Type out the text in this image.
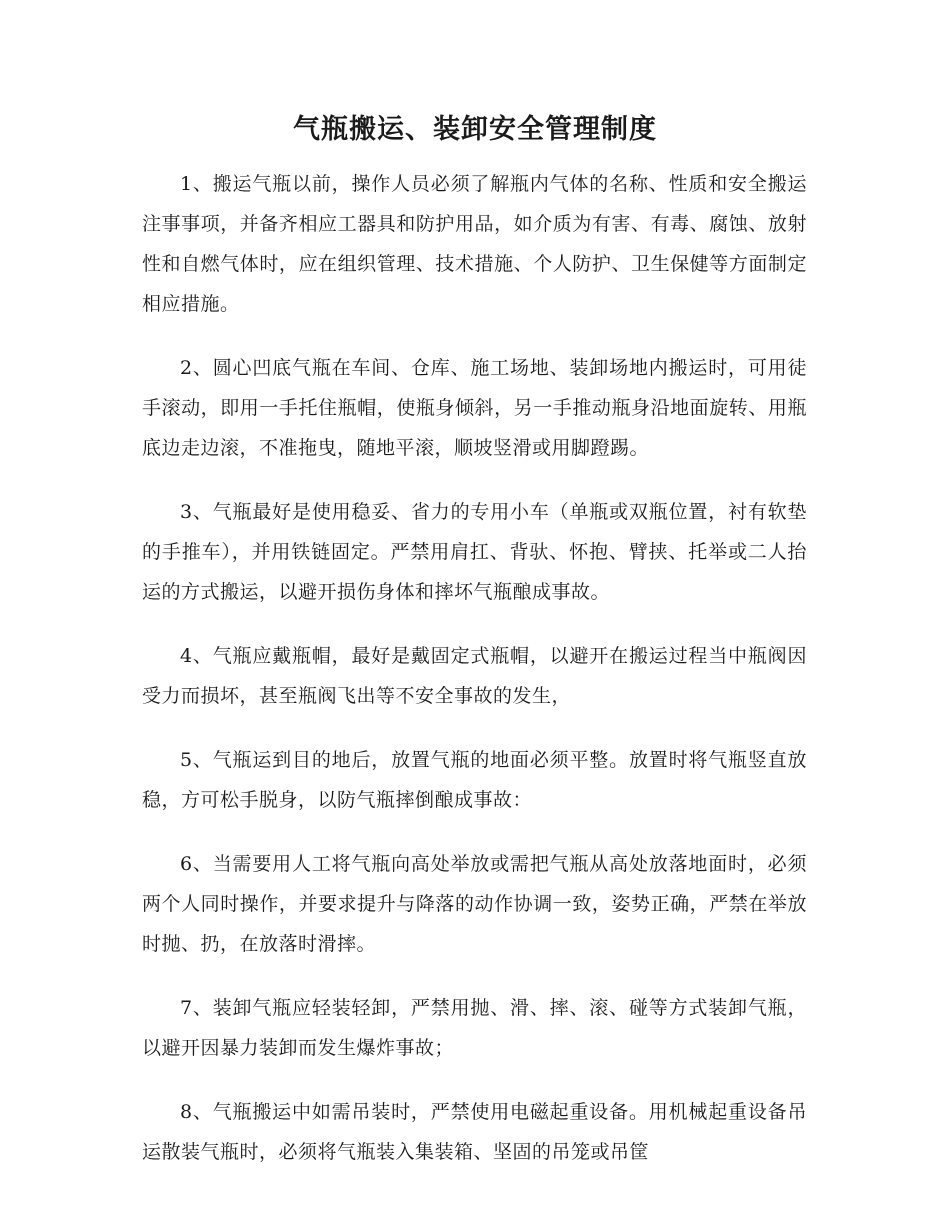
气瓶搬运、装卸安全管理制度

1、搬运气瓶以前，操作人员必须了解瓶内气体的名称、性质和安全搬运注事事项，并备齐相应工器具和防护用品，如介质为有害、有毒、腐蚀、放射性和自燃气体时，应在组织管理、技术措施、个人防护、卫生保健等方面制定相应措施。

2、圆心凹底气瓶在车间、仓库、施工场地、装卸场地内搬运时，可用徒手滚动，即用一手托住瓶帽，使瓶身倾斜，另一手推动瓶身沿地面旋转、用瓶底边走边滚，不准拖曳，随地平滚，顺坡竖滑或用脚蹬踢。

3、气瓶最好是使用稳妥、省力的专用小车（单瓶或双瓶位置，衬有软垫的手推车），并用铁链固定。严禁用肩扛、背驮、怀抱、臂挟、托举或二人抬运的方式搬运，以避开损伤身体和摔坏气瓶酿成事故。

4、气瓶应戴瓶帽，最好是戴固定式瓶帽，以避开在搬运过程当中瓶阀因受力而损坏，甚至瓶阀飞出等不安全事故的发生，

5、气瓶运到目的地后，放置气瓶的地面必须平整。放置时将气瓶竖直放稳，方可松手脱身，以防气瓶摔倒酿成事故：

6、当需要用人工将气瓶向高处举放或需把气瓶从高处放落地面时，必须两个人同时操作，并要求提升与降落的动作协调一致，姿势正确，严禁在举放时抛、扔，在放落时滑摔。

7、装卸气瓶应轻装轻卸，严禁用抛、滑、摔、滚、碰等方式装卸气瓶，以避开因暴力装卸而发生爆炸事故；

8、气瓶搬运中如需吊装时，严禁使用电磁起重设备。用机械起重设备吊运散装气瓶时，必须将气瓶装入集装箱、坚固的吊笼或吊筐
